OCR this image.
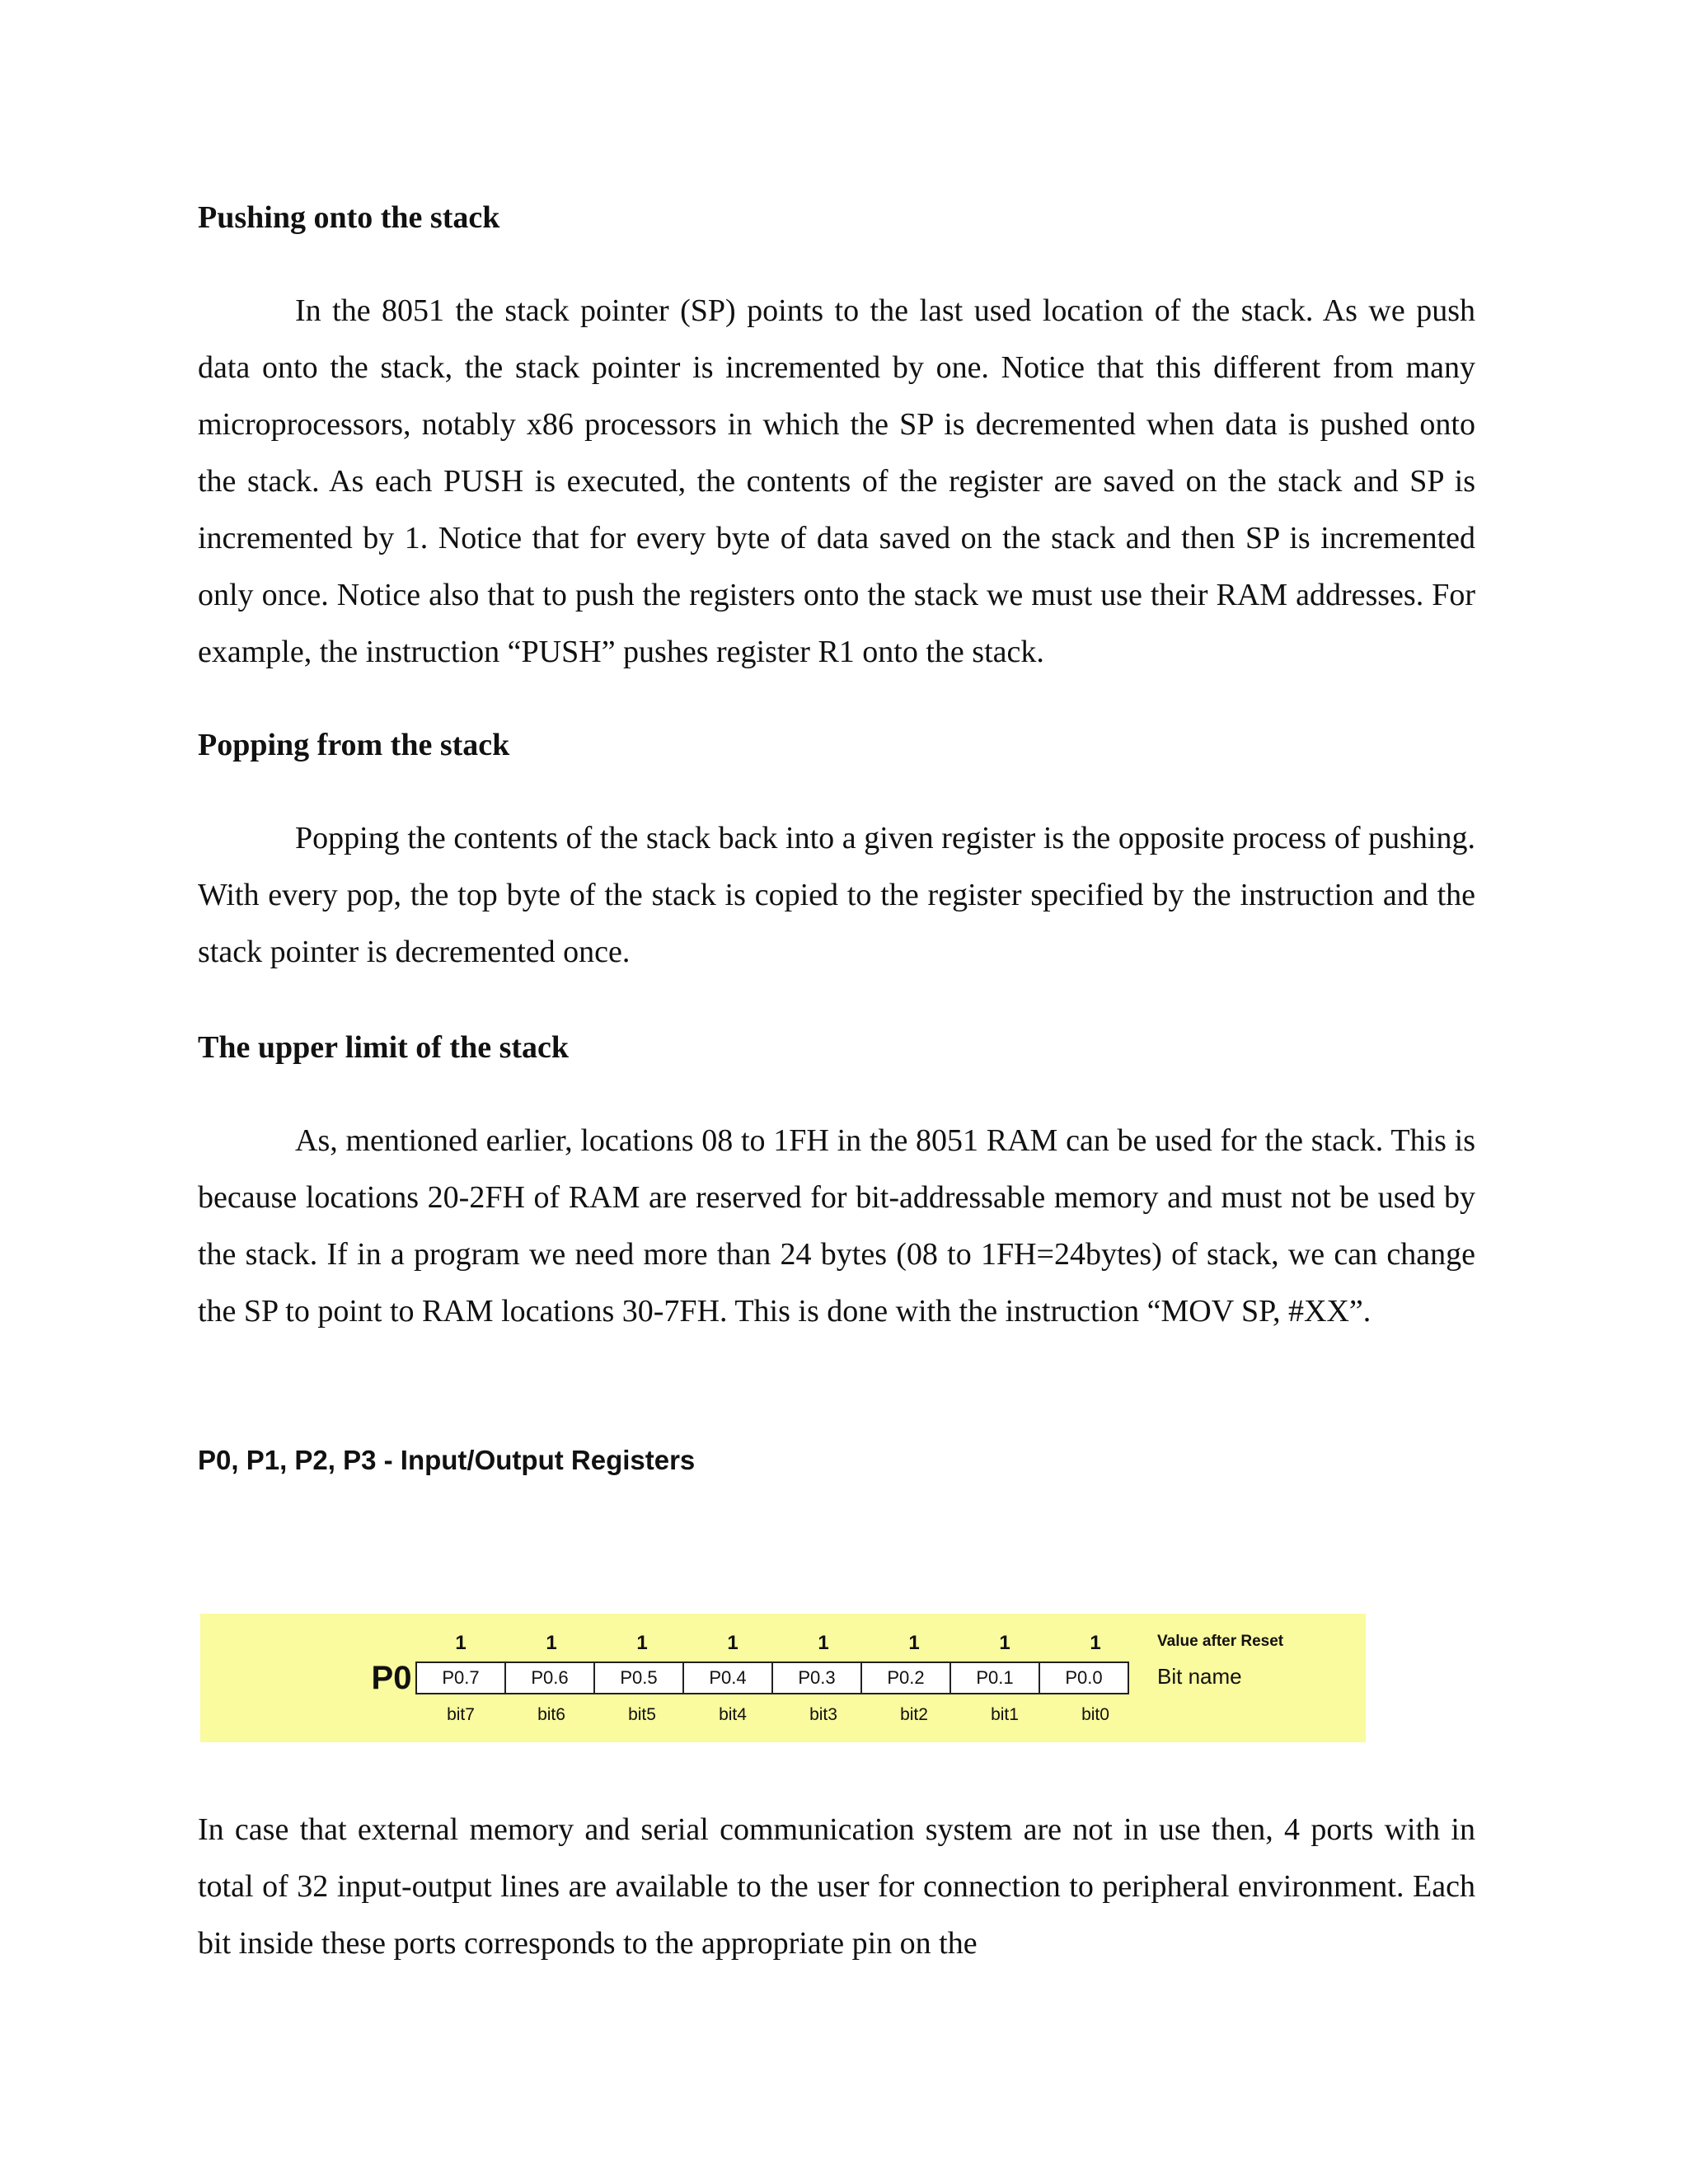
Pushing onto the stack
In the 8051 the stack pointer (SP) points to the last used location of the stack. As we push data onto the stack, the stack pointer is incremented by one. Notice that this different from many microprocessors, notably x86 processors in which the SP is decremented when data is pushed onto the stack. As each PUSH is executed, the contents of the register are saved on the stack and SP is incremented by 1. Notice that for every byte of data saved on the stack and then SP is incremented only once. Notice also that to push the registers onto the stack we must use their RAM addresses. For example, the instruction “PUSH” pushes register R1 onto the stack.
Popping from the stack
Popping the contents of the stack back into a given register is the opposite process of pushing. With every pop, the top byte of the stack is copied to the register specified by the instruction and the stack pointer is decremented once.
The upper limit of the stack
As, mentioned earlier, locations 08 to 1FH in the 8051 RAM can be used for the stack. This is because locations 20-2FH of RAM are reserved for bit-addressable memory and must not be used by the stack. If in a program we need more than 24 bytes (08 to 1FH=24bytes) of stack, we can change the SP to point to RAM locations 30-7FH. This is done with the instruction “MOV SP, #XX”.
P0, P1, P2, P3 - Input/Output Registers
In case that external memory and serial communication system are not in use then, 4 ports with in total of 32 input-output lines are available to the user for connection to peripheral environment. Each bit inside these ports corresponds to the appropriate pin on the
P0
1	1	1	1	1	1	1	1
P0.7	P0.6	P0.5	P0.4	P0.3	P0.2	P0.1	P0.0
bit7	bit6	bit5	bit4	bit3	bit2	bit1	bit0
Value after Reset
Bit name
